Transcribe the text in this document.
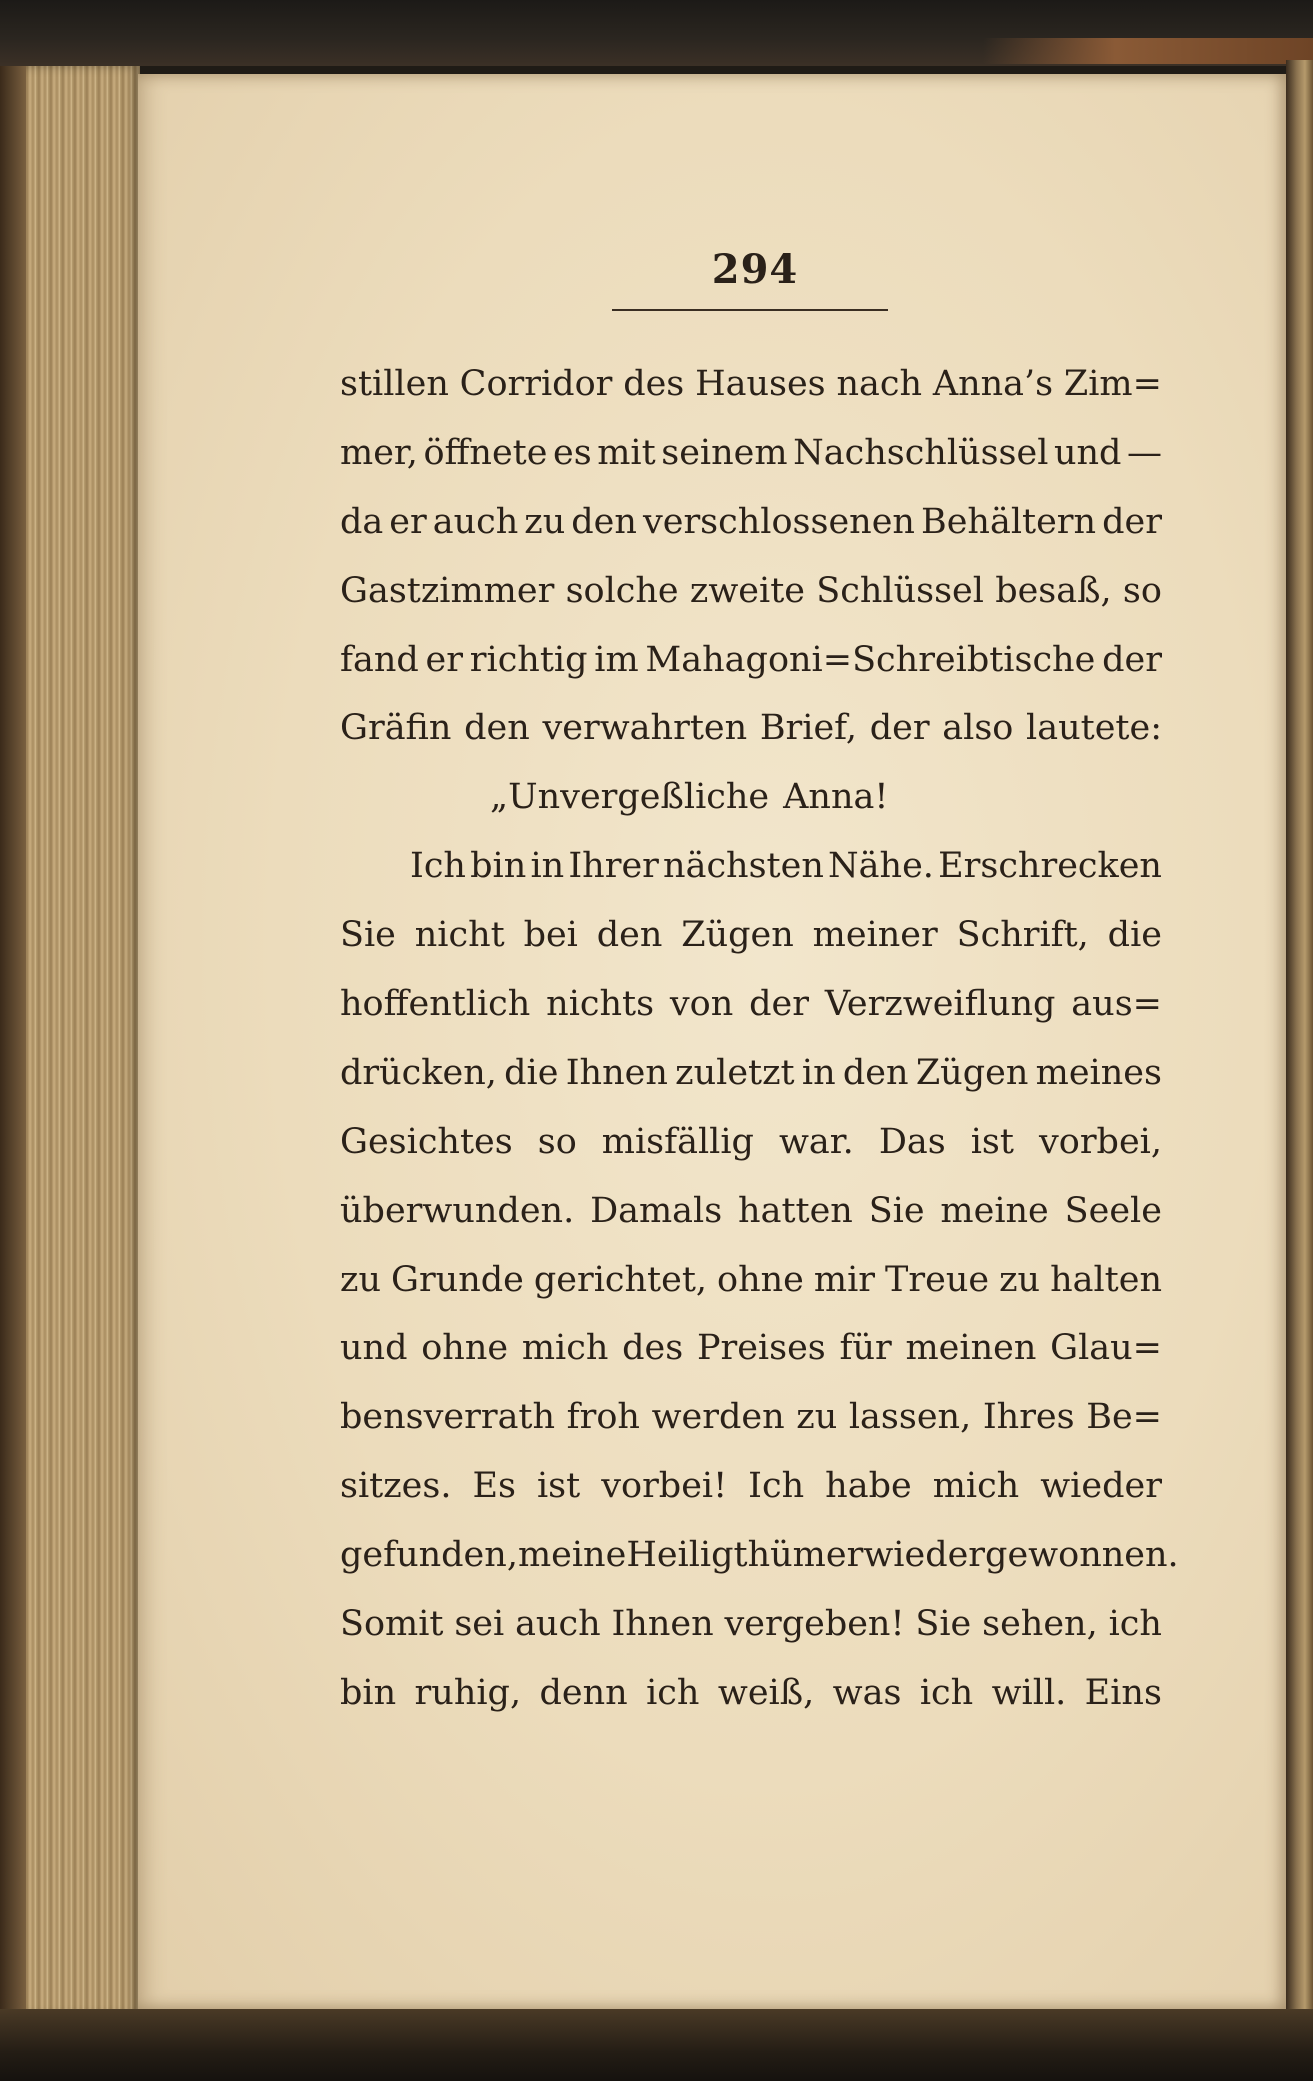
294
stillen Corridor des Hauses nach Anna’s Zim=
mer, öffnete es mit seinem Nachschlüssel und —
da er auch zu den verschlossenen Behältern der
Gastzimmer solche zweite Schlüssel besaß, so
fand er richtig im Mahagoni=Schreibtische der
Gräfin den verwahrten Brief, der also lautete:
„Unvergeßliche Anna!
Ich bin in Ihrer nächsten Nähe. Erschrecken
Sie nicht bei den Zügen meiner Schrift, die
hoffentlich nichts von der Verzweiflung aus=
drücken, die Ihnen zuletzt in den Zügen meines
Gesichtes so misfällig war. Das ist vorbei,
überwunden. Damals hatten Sie meine Seele
zu Grunde gerichtet, ohne mir Treue zu halten
und ohne mich des Preises für meinen Glau=
bensverrath froh werden zu lassen, Ihres Be=
sitzes. Es ist vorbei! Ich habe mich wieder
gefunden, meine Heiligthümer wieder gewonnen.
Somit sei auch Ihnen vergeben! Sie sehen, ich
bin ruhig, denn ich weiß, was ich will. Eins
